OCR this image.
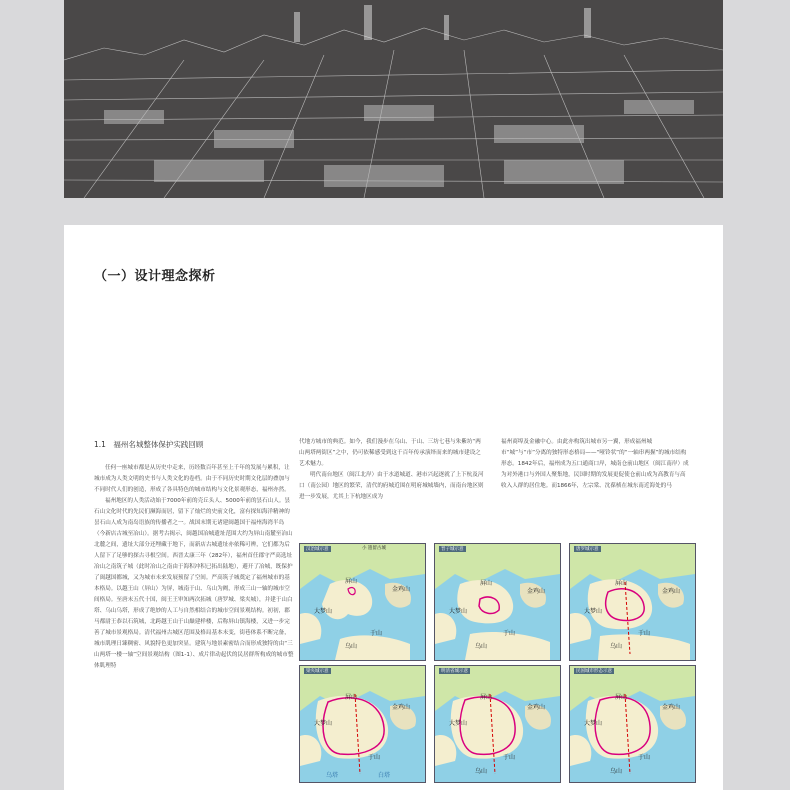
（一）设计理念探析
1.1　福州名城整体保护实践回顾

任何一座城市都是从历史中走来，历经数百年甚至上千年的发展与累积，让城市成为人类文明的史书与人类文化的卷档。由于不同历史时期文化层的叠加与不同时代人们的创造，形成了各具特色的城市结构与文化景观形态，福州亦然。

福州地区的人类活动始于7000年前的壳丘头人、5000年前的昙石山人。昙石山文化时代的先民们濒海而居，留下了灿烂的史前文化，富有探知海洋精神的昙石山人成为南岛语族的传播者之一。战国末期无诸建闽越国于福州海湾半岛（今新店古城至冶山）。据考古揭示，闽越国冶城遗址范围大约为屏山南麓至冶山北麓之间，遗址大部分还埋藏于地下，而新店古城遗址亦依稀可辨，它们都为后人留下了足够的探古寻根空间。西晋太康三年（282年），福州首任郡守严高选址冶山之南筑子城（此时冶山之南由于海积冲积已拓出陆地），避开了冶城，既保护了闽越国都城，又为城市未来发展预留了空间。严高筑子城奠定了福州城市的基本格局。以越王山（屏山）为屏，城南于山、乌山为阙，形成三山一轴的城市空间格局。至唐末五代十国，闽王王审知两次拓城（唐罗城、梁夹城），并建于山白塔、乌山乌塔，形成了绝妙的人工与自然相结合的城市空间景观结构。初初，郡马都尉王恭以石筑城，北跨越王山于山巅建样楼，后称屏山镇海楼，又进一步完善了城市景观格局。清代福州古城区范围及格局基本未变，街巷体系不断完备，城市肌理日臻稠密、风貌特色更加突显。建筑与地景素密结合而形成独特的由“三山两塔一楼一轴”空间景观结构（图1-1）、成片律动起伏的民居群所构成的城市整体肌理特

代地方城市的典范。如今，我们漫步在乌山、于山、三坊七巷与朱紫坊“两山两塔两街区”之中，仍可依稀感受到这千百年传承演绎而来的城市建设之艺术魅力。

明代南台地区（闽江北岸）由于水道城道、港市兴起逐就了上下杭及河口（南公园）地区的繁荣，清代的府城近围在明府城城墙内，而南台地区则进一步发展，尤其上下杭地区成为

福州商埠及金融中心。由此亦构筑出城市另一翼，形成福州城市“城”与“市”分离的独特形态格局——“哑铃状”的“一轴串两握”的城市结构形态。1842年后，福州成为五口通商口岸，城南仓前山地区（闽江南岸）成为对外港口与外国人聚集地，民国时期的发展更促使仓前山成为高教育与高收入人群的居住地。而1866年，左宗棠、沈葆桢在城东南近海处的马

汉冶城示意	小 遗留古城
屏山
金鸡山
大梦山
于山
乌山
晋子城示意
屏山
金鸡山
大梦山
于山
乌山
唐罗城示意
屏山
金鸡山
大梦山
于山
乌山
梁夹城示意
屏山
金鸡山
大梦山
于山
乌塔	白塔
明清省城示意
屏山
金鸡山
大梦山
于山
乌山
民国城市形态示意
屏山
金鸡山
大梦山
于山
乌山
